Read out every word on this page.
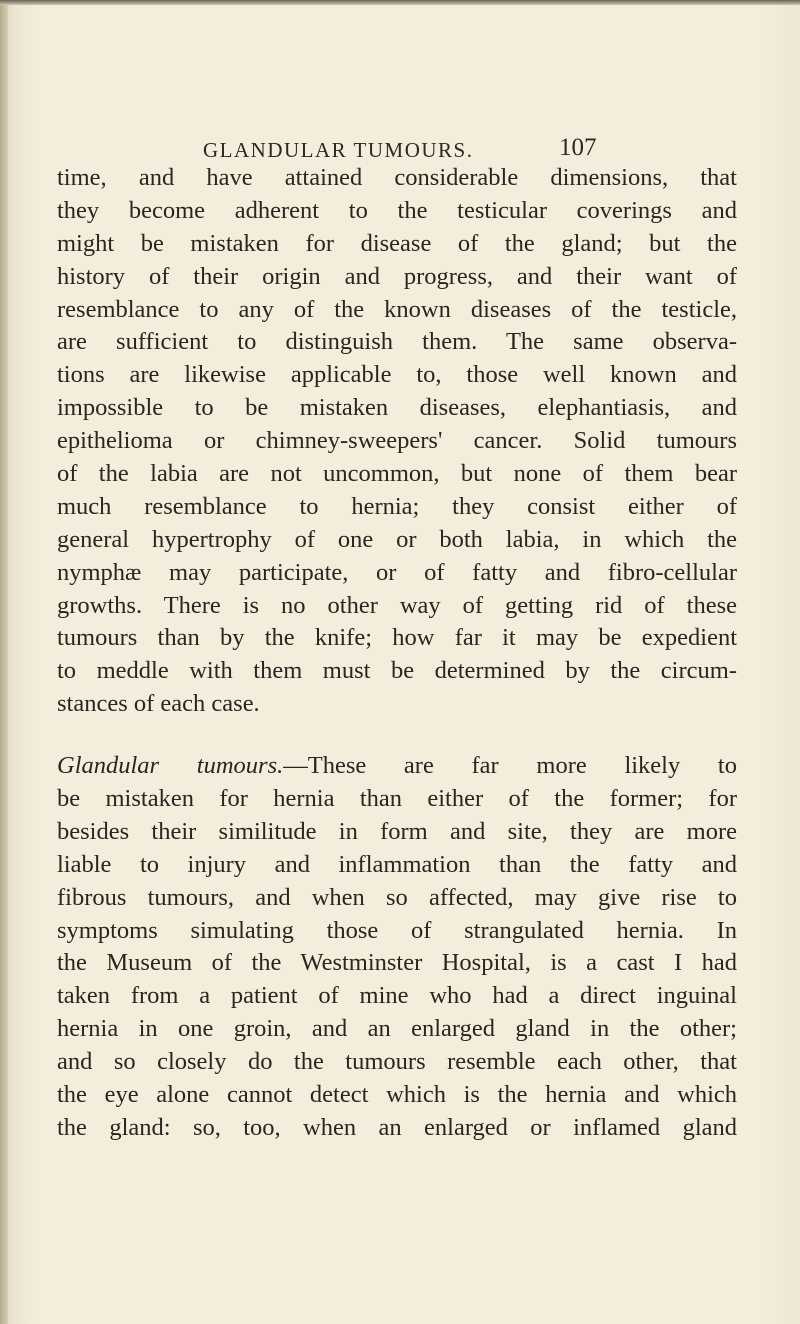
GLANDULAR TUMOURS.	107
time, and have attained considerable dimensions, that
they become adherent to the testicular coverings and
might be mistaken for disease of the gland; but the
history of their origin and progress, and their want of
resemblance to any of the known diseases of the testicle,
are sufficient to distinguish them. The same observa-
tions are likewise applicable to, those well known and
impossible to be mistaken diseases, elephantiasis, and
epithelioma or chimney-sweepers' cancer. Solid tumours
of the labia are not uncommon, but none of them bear
much resemblance to hernia; they consist either of
general hypertrophy of one or both labia, in which the
nymphæ may participate, or of fatty and fibro-cellular
growths. There is no other way of getting rid of these
tumours than by the knife; how far it may be expedient
to meddle with them must be determined by the circum-
stances of each case.
Glandular tumours.—These are far more likely to
be mistaken for hernia than either of the former; for
besides their similitude in form and site, they are more
liable to injury and inflammation than the fatty and
fibrous tumours, and when so affected, may give rise to
symptoms simulating those of strangulated hernia. In
the Museum of the Westminster Hospital, is a cast I had
taken from a patient of mine who had a direct inguinal
hernia in one groin, and an enlarged gland in the other;
and so closely do the tumours resemble each other, that
the eye alone cannot detect which is the hernia and which
the gland: so, too, when an enlarged or inflamed gland
